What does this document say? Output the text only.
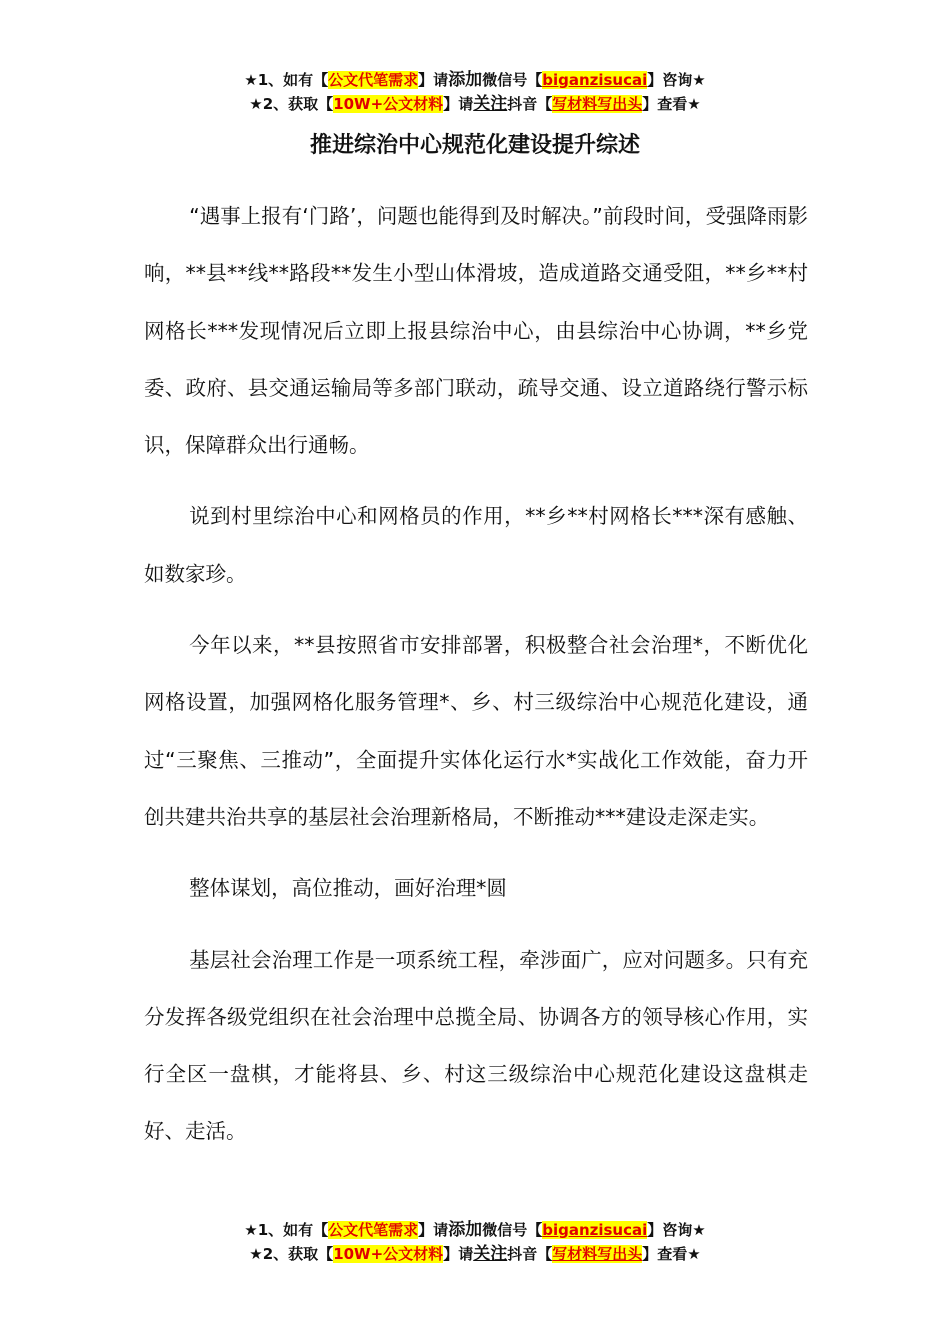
★1、如有【公文代笔需求】请添加微信号【biganzisucai】咨询★
★2、获取【10W+公文材料】请关注抖音【写材料写出头】查看★
推进综治中心规范化建设提升综述

“遇事上报有‘门路’，问题也能得到及时解决。”前段时间，受强降雨影响，**县**线**路段**发生小型山体滑坡，造成道路交通受阻，**乡**村网格长***发现情况后立即上报县综治中心，由县综治中心协调，**乡党委、政府、县交通运输局等多部门联动，疏导交通、设立道路绕行警示标识，保障群众出行通畅。

说到村里综治中心和网格员的作用，**乡**村网格长***深有感触、如数家珍。

今年以来，**县按照省市安排部署，积极整合社会治理*，不断优化网格设置，加强网格化服务管理*、乡、村三级综治中心规范化建设，通过“三聚焦、三推动”，全面提升实体化运行水*实战化工作效能，奋力开创共建共治共享的基层社会治理新格局，不断推动***建设走深走实。

整体谋划，高位推动，画好治理*圆

基层社会治理工作是一项系统工程，牵涉面广，应对问题多。只有充分发挥各级党组织在社会治理中总揽全局、协调各方的领导核心作用，实行全区一盘棋，才能将县、乡、村这三级综治中心规范化建设这盘棋走好、走活。

★1、如有【公文代笔需求】请添加微信号【biganzisucai】咨询★
★2、获取【10W+公文材料】请关注抖音【写材料写出头】查看★
